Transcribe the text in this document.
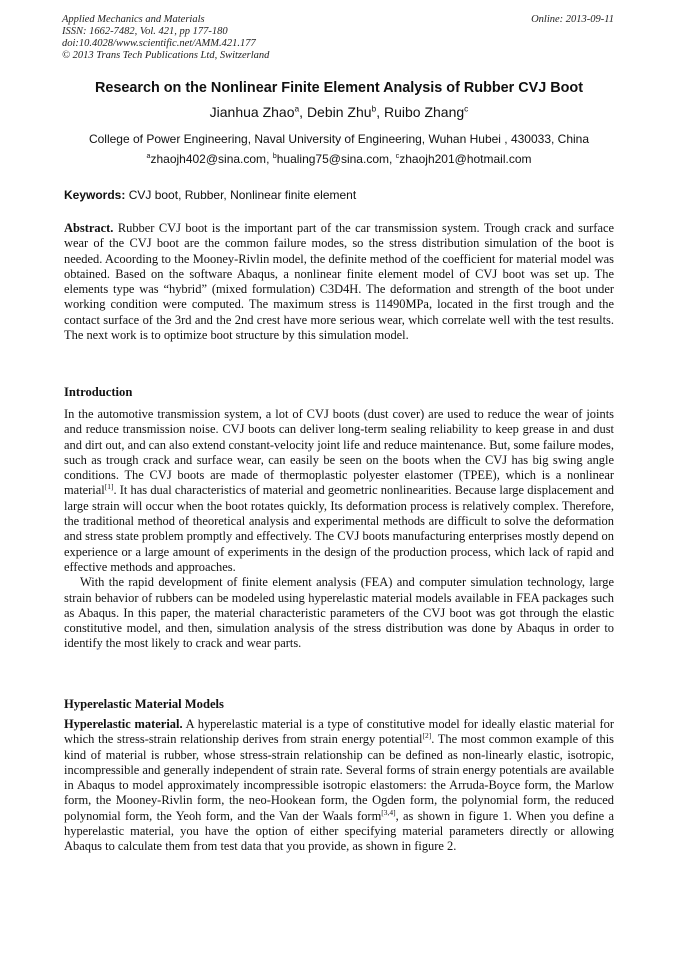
Applied Mechanics and Materials
ISSN: 1662-7482, Vol. 421, pp 177-180
doi:10.4028/www.scientific.net/AMM.421.177
© 2013 Trans Tech Publications Ltd, Switzerland
Online: 2013-09-11
Research on the Nonlinear Finite Element Analysis of Rubber CVJ Boot
Jianhua Zhao$^a$, Debin Zhu$^b$, Ruibo Zhang$^c$
College of Power Engineering, Naval University of Engineering, Wuhan Hubei , 430033, China
$^a$zhaojh402@sina.com, $^b$hualing75@sina.com, $^c$zhaojh201@hotmail.com
Keywords: CVJ boot, Rubber, Nonlinear finite element

Abstract. Rubber CVJ boot is the important part of the car transmission system. Trough crack and surface wear of the CVJ boot are the common failure modes, so the stress distribution simulation of the boot is needed. Acoording to the Mooney-Rivlin model, the definite method of the coefficient for material model was obtained. Based on the software Abaqus, a nonlinear finite element model of CVJ boot was set up. The elements type was “hybrid” (mixed formulation) C3D4H. The deformation and strength of the boot under working condition were computed. The maximum stress is 11490MPa, located in the first trough and the contact surface of the 3rd and the 2nd crest have more serious wear, which correlate well with the test results. The next work is to optimize boot structure by this simulation model.

Introduction

In the automotive transmission system, a lot of CVJ boots (dust cover) are used to reduce the wear of joints and reduce transmission noise. CVJ boots can deliver long-term sealing reliability to keep grease in and dust and dirt out, and can also extend constant-velocity joint life and reduce maintenance. But, some failure modes, such as trough crack and surface wear, can easily be seen on the boots when the CVJ has big swing angle conditions. The CVJ boots are made of thermoplastic polyester elastomer (TPEE), which is a nonlinear material[1]. It has dual characteristics of material and geometric nonlinearities. Because large displacement and large strain will occur when the boot rotates quickly, Its deformation process is relatively complex. Therefore, the traditional method of theoretical analysis and experimental methods are difficult to solve the deformation and stress state problem promptly and effectively. The CVJ boots manufacturing enterprises mostly depend on experience or a large amount of experiments in the design of the production process, which lack of rapid and effective methods and approaches.

With the rapid development of finite element analysis (FEA) and computer simulation technology, large strain behavior of rubbers can be modeled using hyperelastic material models available in FEA packages such as Abaqus. In this paper, the material characteristic parameters of the CVJ boot was got through the elastic constitutive model, and then, simulation analysis of the stress distribution was done by Abaqus in order to identify the most likely to crack and wear parts.

Hyperelastic Material Models

Hyperelastic material. A hyperelastic material is a type of constitutive model for ideally elastic material for which the stress-strain relationship derives from strain energy potential[2]. The most common example of this kind of material is rubber, whose stress-strain relationship can be defined as non-linearly elastic, isotropic, incompressible and generally independent of strain rate. Several forms of strain energy potentials are available in Abaqus to model approximately incompressible isotropic elastomers: the Arruda-Boyce form, the Marlow form, the Mooney-Rivlin form, the neo-Hookean form, the Ogden form, the polynomial form, the reduced polynomial form, the Yeoh form, and the Van der Waals form[3,4], as shown in figure 1. When you define a hyperelastic material, you have the option of either specifying material parameters directly or allowing Abaqus to calculate them from test data that you provide, as shown in figure 2.
